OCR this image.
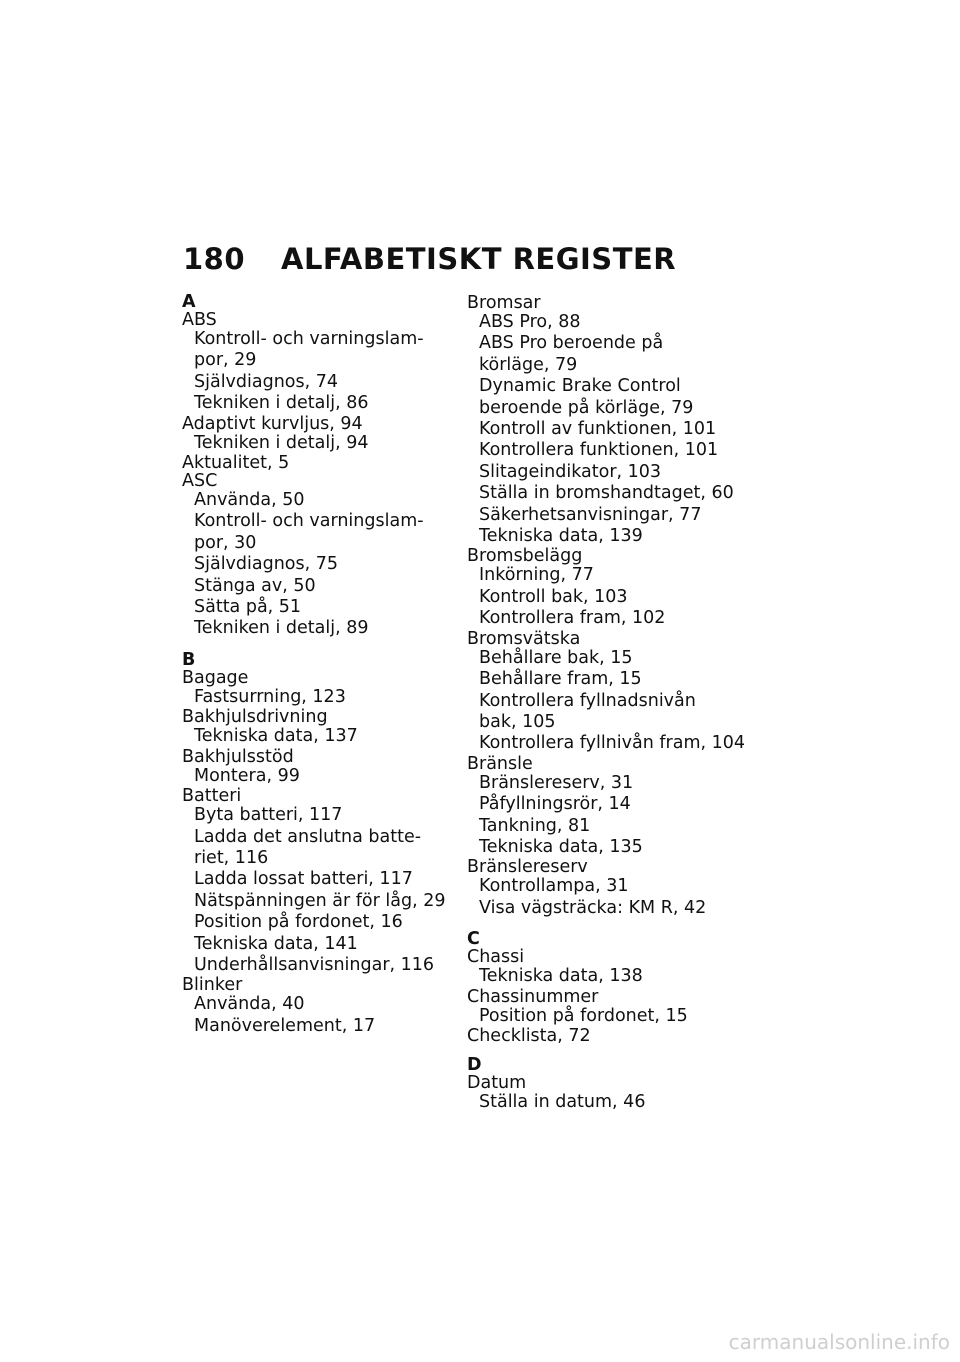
180 ALFABETISKT REGISTER
A
ABS
Kontroll- och varningslam-
por, 29
Självdiagnos, 74
Tekniken i detalj, 86
Adaptivt kurvljus, 94
Tekniken i detalj, 94
Aktualitet, 5
ASC
Använda, 50
Kontroll- och varningslam-
por, 30
Självdiagnos, 75
Stänga av, 50
Sätta på, 51
Tekniken i detalj, 89
B
Bagage
Fastsurrning, 123
Bakhjulsdrivning
Tekniska data, 137
Bakhjulsstöd
Montera, 99
Batteri
Byta batteri, 117
Ladda det anslutna batte-
riet, 116
Ladda lossat batteri, 117
Nätspänningen är för låg, 29
Position på fordonet, 16
Tekniska data, 141
Underhållsanvisningar, 116
Blinker
Använda, 40
Manöverelement, 17
Bromsar
ABS Pro, 88
ABS Pro beroende på
körläge, 79
Dynamic Brake Control
beroende på körläge, 79
Kontroll av funktionen, 101
Kontrollera funktionen, 101
Slitageindikator, 103
Ställa in bromshandtaget, 60
Säkerhetsanvisningar, 77
Tekniska data, 139
Bromsbelägg
Inkörning, 77
Kontroll bak, 103
Kontrollera fram, 102
Bromsvätska
Behållare bak, 15
Behållare fram, 15
Kontrollera fyllnadsnivån
bak, 105
Kontrollera fyllnivån fram, 104
Bränsle
Bränslereserv, 31
Påfyllningsrör, 14
Tankning, 81
Tekniska data, 135
Bränslereserv
Kontrollampa, 31
Visa vägsträcka: KM R, 42
C
Chassi
Tekniska data, 138
Chassinummer
Position på fordonet, 15
Checklista, 72
D
Datum
Ställa in datum, 46
carmanualsonline.info
